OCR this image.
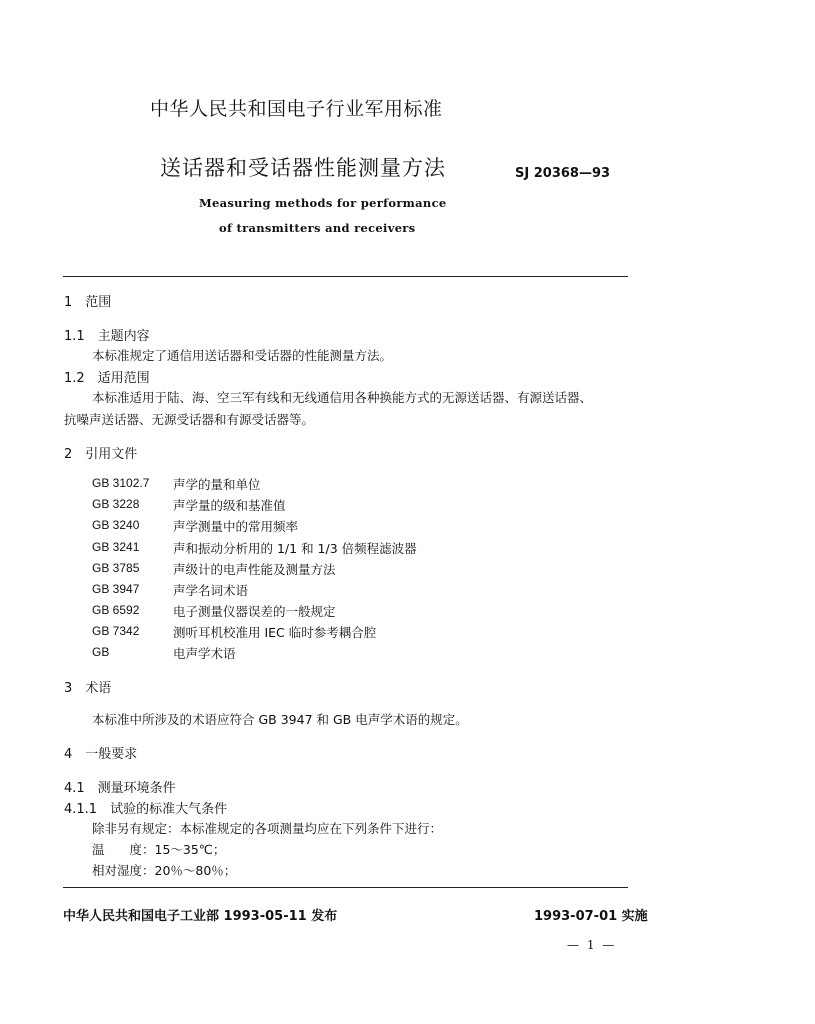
中华人民共和国电子行业军用标准
送话器和受话器性能测量方法	SJ 20368—93
Measuring methods for performance
of transmitters and receivers
1　范围
1.1　主题内容
本标准规定了通信用送话器和受话器的性能测量方法。
1.2　适用范围
本标准适用于陆、海、空三军有线和无线通信用各种换能方式的无源送话器、有源送话器、
抗噪声送话器、无源受话器和有源受话器等。
2　引用文件
GB 3102.7 声学的量和单位
GB 3228	声学量的级和基准值
GB 3240	声学测量中的常用频率
GB 3241	声和振动分析用的 1/1 和 1/3 倍频程滤波器
GB 3785	声级计的电声性能及测量方法
GB 3947	声学名词术语
GB 6592	电子测量仪器误差的一般规定
GB 7342	测听耳机校准用 IEC 临时参考耦合腔
GB	电声学术语
3　术语
本标准中所涉及的术语应符合 GB 3947 和 GB 电声学术语的规定。
4　一般要求
4.1　测量环境条件
4.1.1　试验的标准大气条件
除非另有规定：本标准规定的各项测量均应在下列条件下进行：
温　　度：15～35℃；
相对湿度：20％～80％；
中华人民共和国电子工业部 1993-05-11 发布	1993-07-01 实施
— 1 —
